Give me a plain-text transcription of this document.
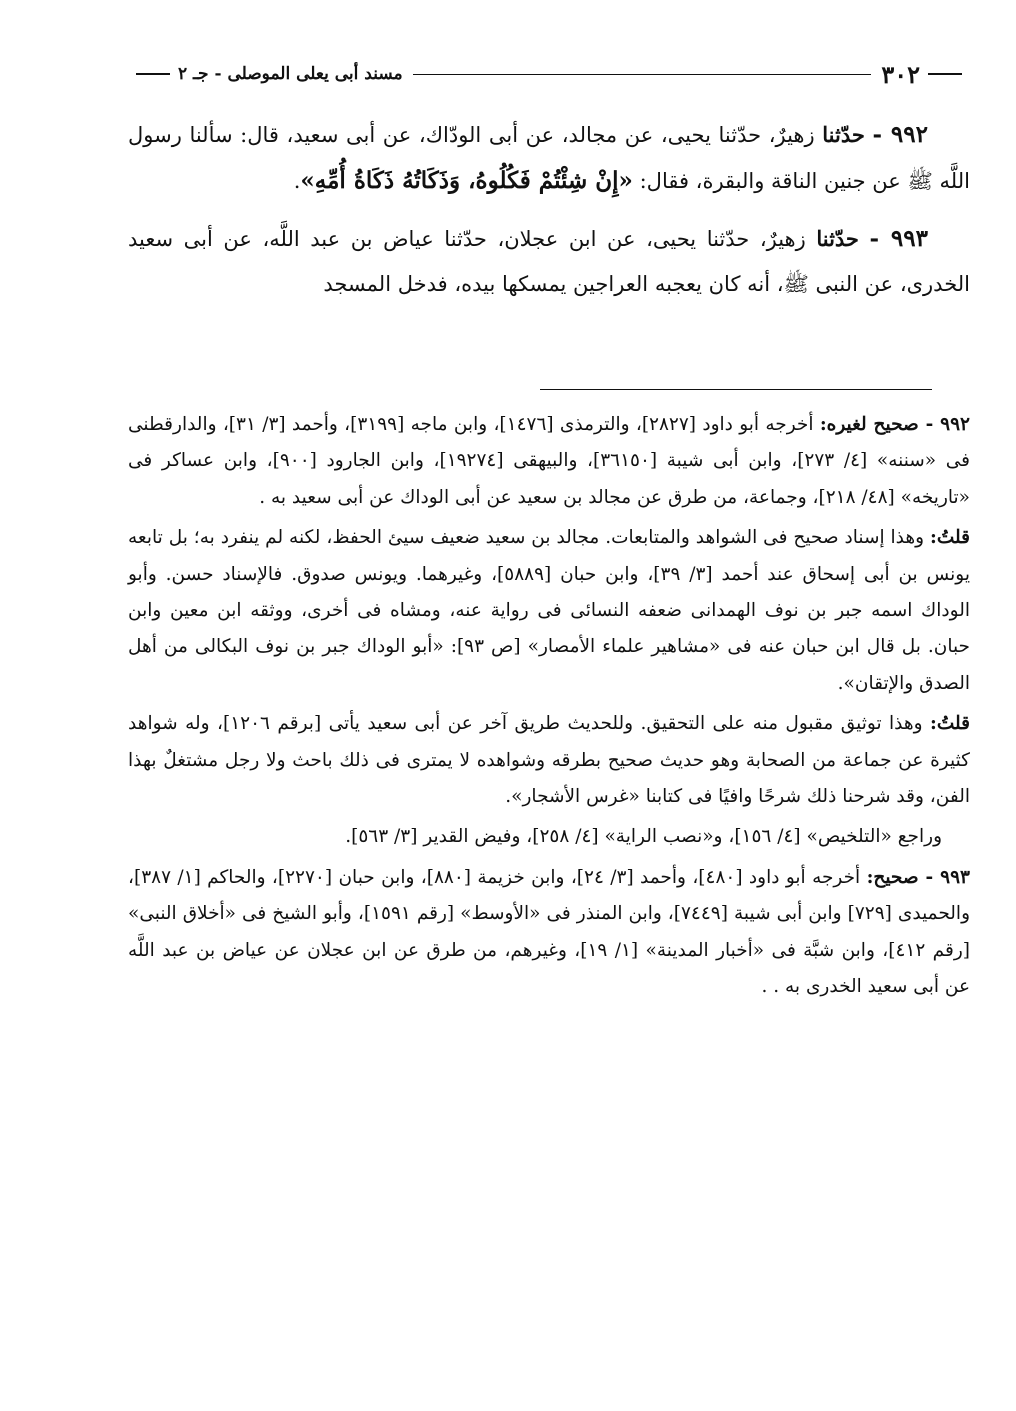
٣٠٢
مسند أبى يعلى الموصلى - جـ ٢

٩٩٢ - حدّثنا زهيرٌ، حدّثنا يحيى، عن مجالد، عن أبى الودّاك، عن أبى سعيد، قال: سألنا رسول اللَّه ﷺ عن جنين الناقة والبقرة، فقال: «إِنْ شِئْتُمْ فَكُلُوهُ، وَذَكَاتُهُ ذَكَاةُ أُمِّهِ».

٩٩٣ - حدّثنا زهيرٌ، حدّثنا يحيى، عن ابن عجلان، حدّثنا عياض بن عبد اللَّه، عن أبى سعيد الخدرى، عن النبى ﷺ، أنه كان يعجبه العراجين يمسكها بيده، فدخل المسجد

٩٩٢ - صحيح لغيره: أخرجه أبو داود [٢٨٢٧]، والترمذى [١٤٧٦]، وابن ماجه [٣١٩٩]، وأحمد [٣/ ٣١]، والدارقطنى فى «سننه» [٤/ ٢٧٣]، وابن أبى شيبة [٣٦١٥٠]، والبيهقى [١٩٢٧٤]، وابن الجارود [٩٠٠]، وابن عساكر فى «تاريخه» [٤٨/ ٢١٨]، وجماعة، من طرق عن مجالد بن سعيد عن أبى الوداك عن أبى سعيد به .

قلتُ: وهذا إسناد صحيح فى الشواهد والمتابعات. مجالد بن سعيد ضعيف سيئ الحفظ، لكنه لم ينفرد به؛ بل تابعه يونس بن أبى إسحاق عند أحمد [٣/ ٣٩]، وابن حبان [٥٨٨٩]، وغيرهما. ويونس صدوق. فالإسناد حسن. وأبو الوداك اسمه جبر بن نوف الهمدانى ضعفه النسائى فى رواية عنه، ومشاه فى أخرى، ووثقه ابن معين وابن حبان. بل قال ابن حبان عنه فى «مشاهير علماء الأمصار» [ص ٩٣]: «أبو الوداك جبر بن نوف البكالى من أهل الصدق والإتقان».

قلتُ: وهذا توثيق مقبول منه على التحقيق. وللحديث طريق آخر عن أبى سعيد يأتى [برقم ١٢٠٦]، وله شواهد كثيرة عن جماعة من الصحابة وهو حديث صحيح بطرقه وشواهده لا يمترى فى ذلك باحث ولا رجل مشتغلٌ بهذا الفن، وقد شرحنا ذلك شرحًا وافيًا فى كتابنا «غرس الأشجار».

وراجع «التلخيص» [٤/ ١٥٦]، و«نصب الراية» [٤/ ٢٥٨]، وفيض القدير [٣/ ٥٦٣].

٩٩٣ - صحيح: أخرجه أبو داود [٤٨٠]، وأحمد [٣/ ٢٤]، وابن خزيمة [٨٨٠]، وابن حبان [٢٢٧٠]، والحاكم [١/ ٣٨٧]، والحميدى [٧٢٩] وابن أبى شيبة [٧٤٤٩]، وابن المنذر فى «الأوسط» [رقم ١٥٩١]، وأبو الشيخ فى «أخلاق النبى» [رقم ٤١٢]، وابن شبَّة فى «أخبار المدينة» [١/ ١٩]، وغيرهم، من طرق عن ابن عجلان عن عياض بن عبد اللَّه عن أبى سعيد الخدرى به . .
